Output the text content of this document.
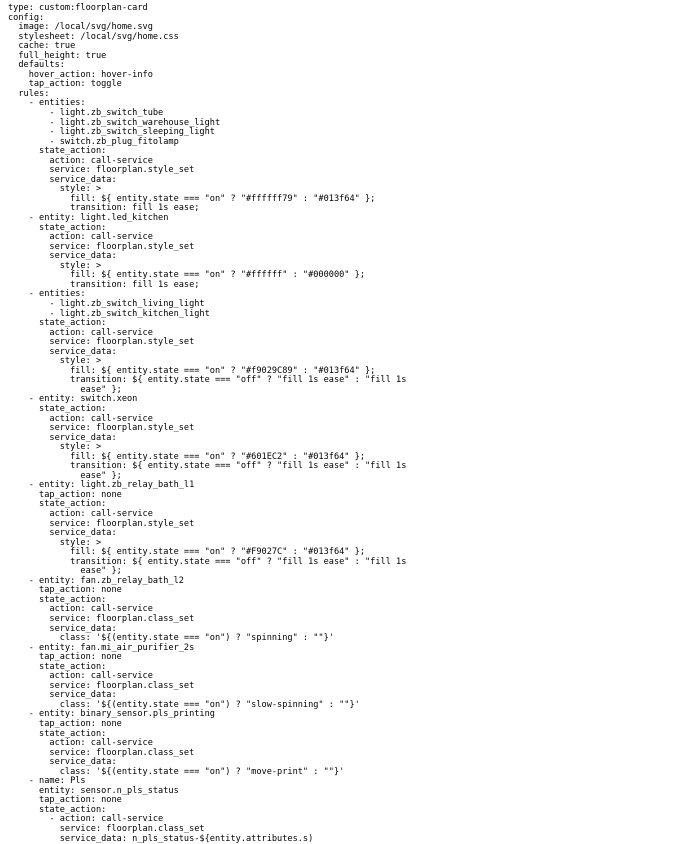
type: custom:floorplan-card
config:
image: /local/svg/home.svg
stylesheet: /local/svg/home.css
cache: true
full_height: true
defaults:
hover_action: hover-info
tap_action: toggle
rules:
- entities:
- light.zb_switch_tube
- light.zb_switch_warehouse_light
- light.zb_switch_sleeping_light
- switch.zb_plug_fitolamp
state_action:
action: call-service
service: floorplan.style_set
service_data:
style: >
fill: ${ entity.state === "on" ? "#ffffff79" : "#013f64" };
transition: fill 1s ease;
- entity: light.led_kitchen
state_action:
action: call-service
service: floorplan.style_set
service_data:
style: >
fill: ${ entity.state === "on" ? "#ffffff" : "#000000" };
transition: fill 1s ease;
- entities:
- light.zb_switch_living_light
- light.zb_switch_kitchen_light
state_action:
action: call-service
service: floorplan.style_set
service_data:
style: >
fill: ${ entity.state === "on" ? "#f9029C89" : "#013f64" };
transition: ${ entity.state === "off" ? "fill 1s ease" : "fill 1s
ease" };
- entity: switch.xeon
state_action:
action: call-service
service: floorplan.style_set
service_data:
style: >
fill: ${ entity.state === "on" ? "#601EC2" : "#013f64" };
transition: ${ entity.state === "off" ? "fill 1s ease" : "fill 1s
ease" };
- entity: light.zb_relay_bath_l1
tap_action: none
state_action:
action: call-service
service: floorplan.style_set
service_data:
style: >
fill: ${ entity.state === "on" ? "#F9027C" : "#013f64" };
transition: ${ entity.state === "off" ? "fill 1s ease" : "fill 1s
ease" };
- entity: fan.zb_relay_bath_l2
tap_action: none
state_action:
action: call-service
service: floorplan.class_set
service_data:
class: '${(entity.state === "on") ? "spinning" : ""}'
- entity: fan.mi_air_purifier_2s
tap_action: none
state_action:
action: call-service
service: floorplan.class_set
service_data:
class: '${(entity.state === "on") ? "slow-spinning" : ""}'
- entity: binary_sensor.pls_printing
tap_action: none
state_action:
action: call-service
service: floorplan.class_set
service_data:
class: '${(entity.state === "on") ? "move-print" : ""}'
- name: Pls
entity: sensor.n_pls_status
tap_action: none
state_action:
- action: call-service
service: floorplan.class_set
service_data: n_pls_status-${entity.attributes.s)
